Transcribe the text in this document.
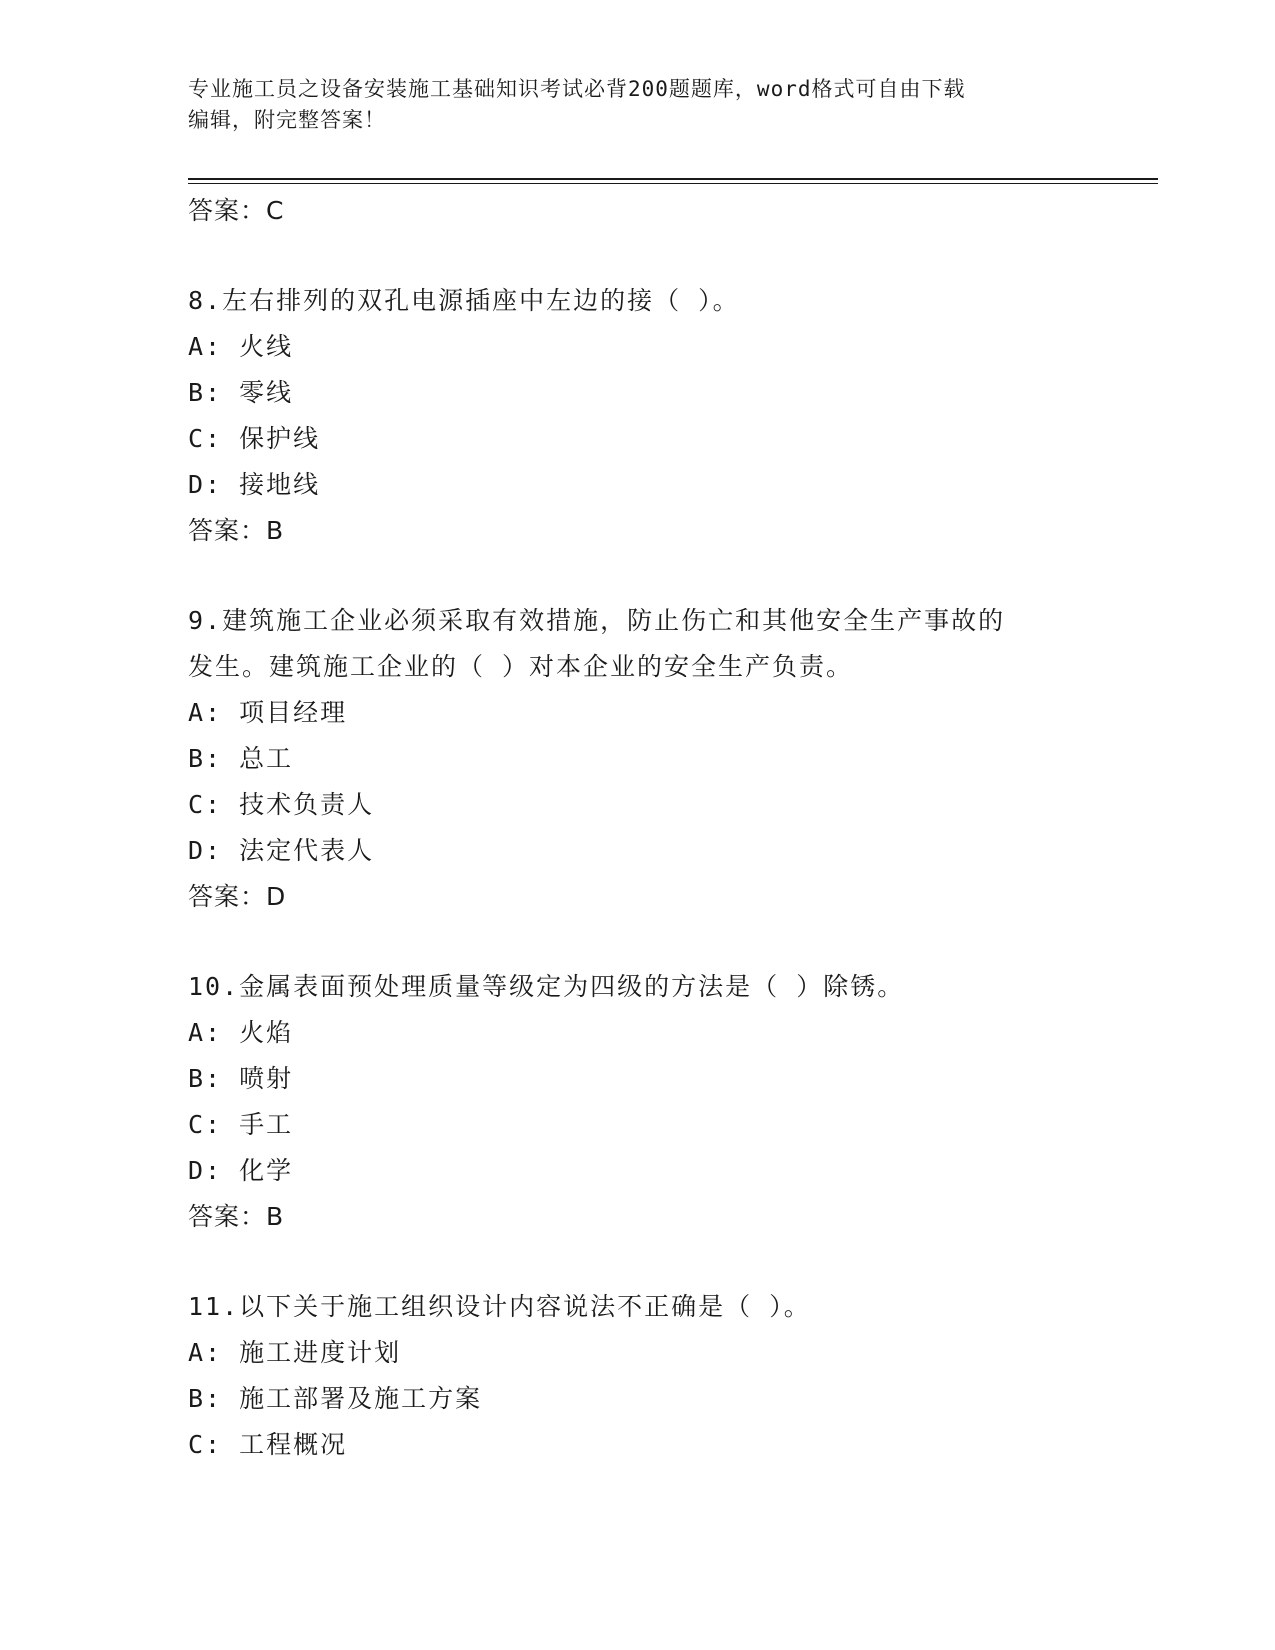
专业施工员之设备安装施工基础知识考试必背200题题库，word格式可自由下载
编辑，附完整答案！
答案：C
8.左右排列的双孔电源插座中左边的接（ ）。
A: 火线
B: 零线
C: 保护线
D: 接地线
答案：B
9.建筑施工企业必须采取有效措施，防止伤亡和其他安全生产事故的
发生。建筑施工企业的（ ）对本企业的安全生产负责。
A: 项目经理
B: 总工
C: 技术负责人
D: 法定代表人
答案：D
10.金属表面预处理质量等级定为四级的方法是（ ）除锈。
A: 火焰
B: 喷射
C: 手工
D: 化学
答案：B
11.以下关于施工组织设计内容说法不正确是（ ）。
A: 施工进度计划
B: 施工部署及施工方案
C: 工程概况
